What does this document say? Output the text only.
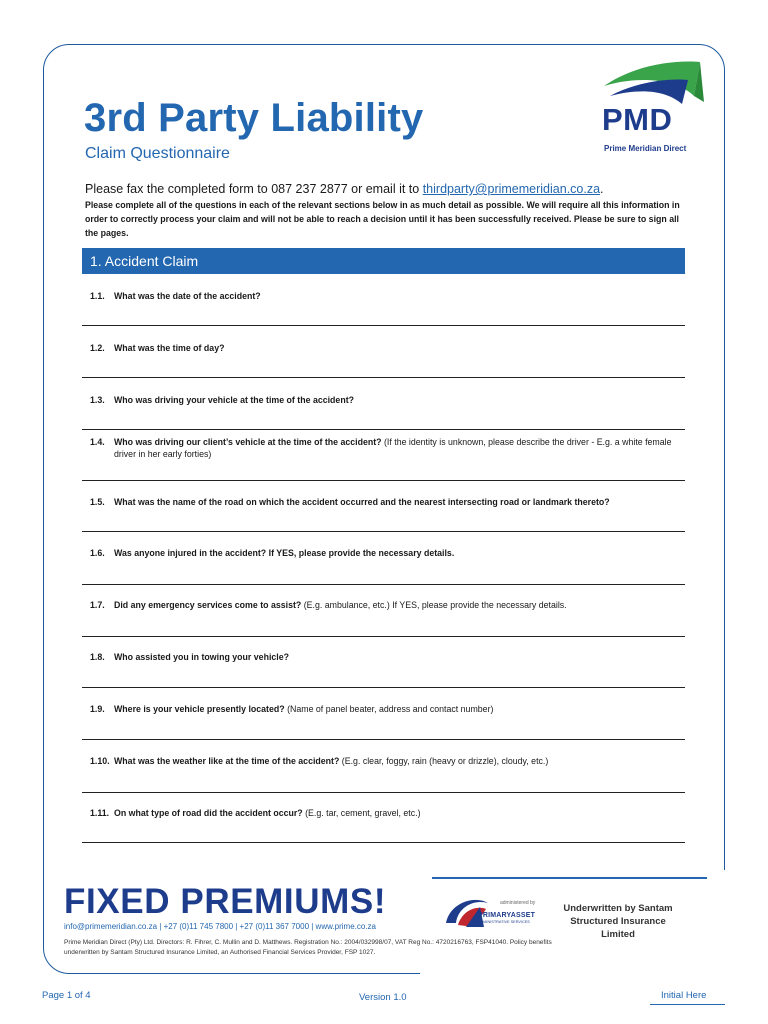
3rd Party Liability
Claim Questionnaire
PMD
Prime Meridian Direct
Please fax the completed form to 087 237 2877 or email it to thirdparty@primemeridian.co.za.
Please complete all of the questions in each of the relevant sections below in as much detail as possible. We will require all this information in order to correctly process your claim and will not be able to reach a decision until it has been successfully received. Please be sure to sign all the pages.
1. Accident Claim
1.1. What was the date of the accident?
1.2. What was the time of day?
1.3. Who was driving your vehicle at the time of the accident?
1.4. Who was driving our client’s vehicle at the time of the accident? (If the identity is unknown, please describe the driver - E.g. a white female driver in her early forties)
1.5. What was the name of the road on which the accident occurred and the nearest intersecting road or landmark thereto?
1.6. Was anyone injured in the accident? If YES, please provide the necessary details.
1.7. Did any emergency services come to assist? (E.g. ambulance, etc.) If YES, please provide the necessary details.
1.8. Who assisted you in towing your vehicle?
1.9. Where is your vehicle presently located? (Name of panel beater, address and contact number)
1.10. What was the weather like at the time of the accident? (E.g. clear, foggy, rain (heavy or drizzle), cloudy, etc.)
1.11. On what type of road did the accident occur? (E.g. tar, cement, gravel, etc.)
FIXED PREMIUMS!
info@primemeridian.co.za | +27 (0)11 745 7800 | +27 (0)11 367 7000 | www.prime.co.za
Prime Meridian Direct (Pty) Ltd. Directors: R. Fihrer, C. Mullin and D. Matthews. Registration No.: 2004/032998/07, VAT Reg No.: 4720216763, FSP41040. Policy benefits underwritten by Santam Structured Insurance Limited, an Authorised Financial Services Provider, FSP 1027.
administered by
PRIMARYASSET
ADMINISTRATIVE SERVICES
Underwritten by Santam Structured Insurance Limited
Page 1 of 4	Version 1.0	Initial Here
